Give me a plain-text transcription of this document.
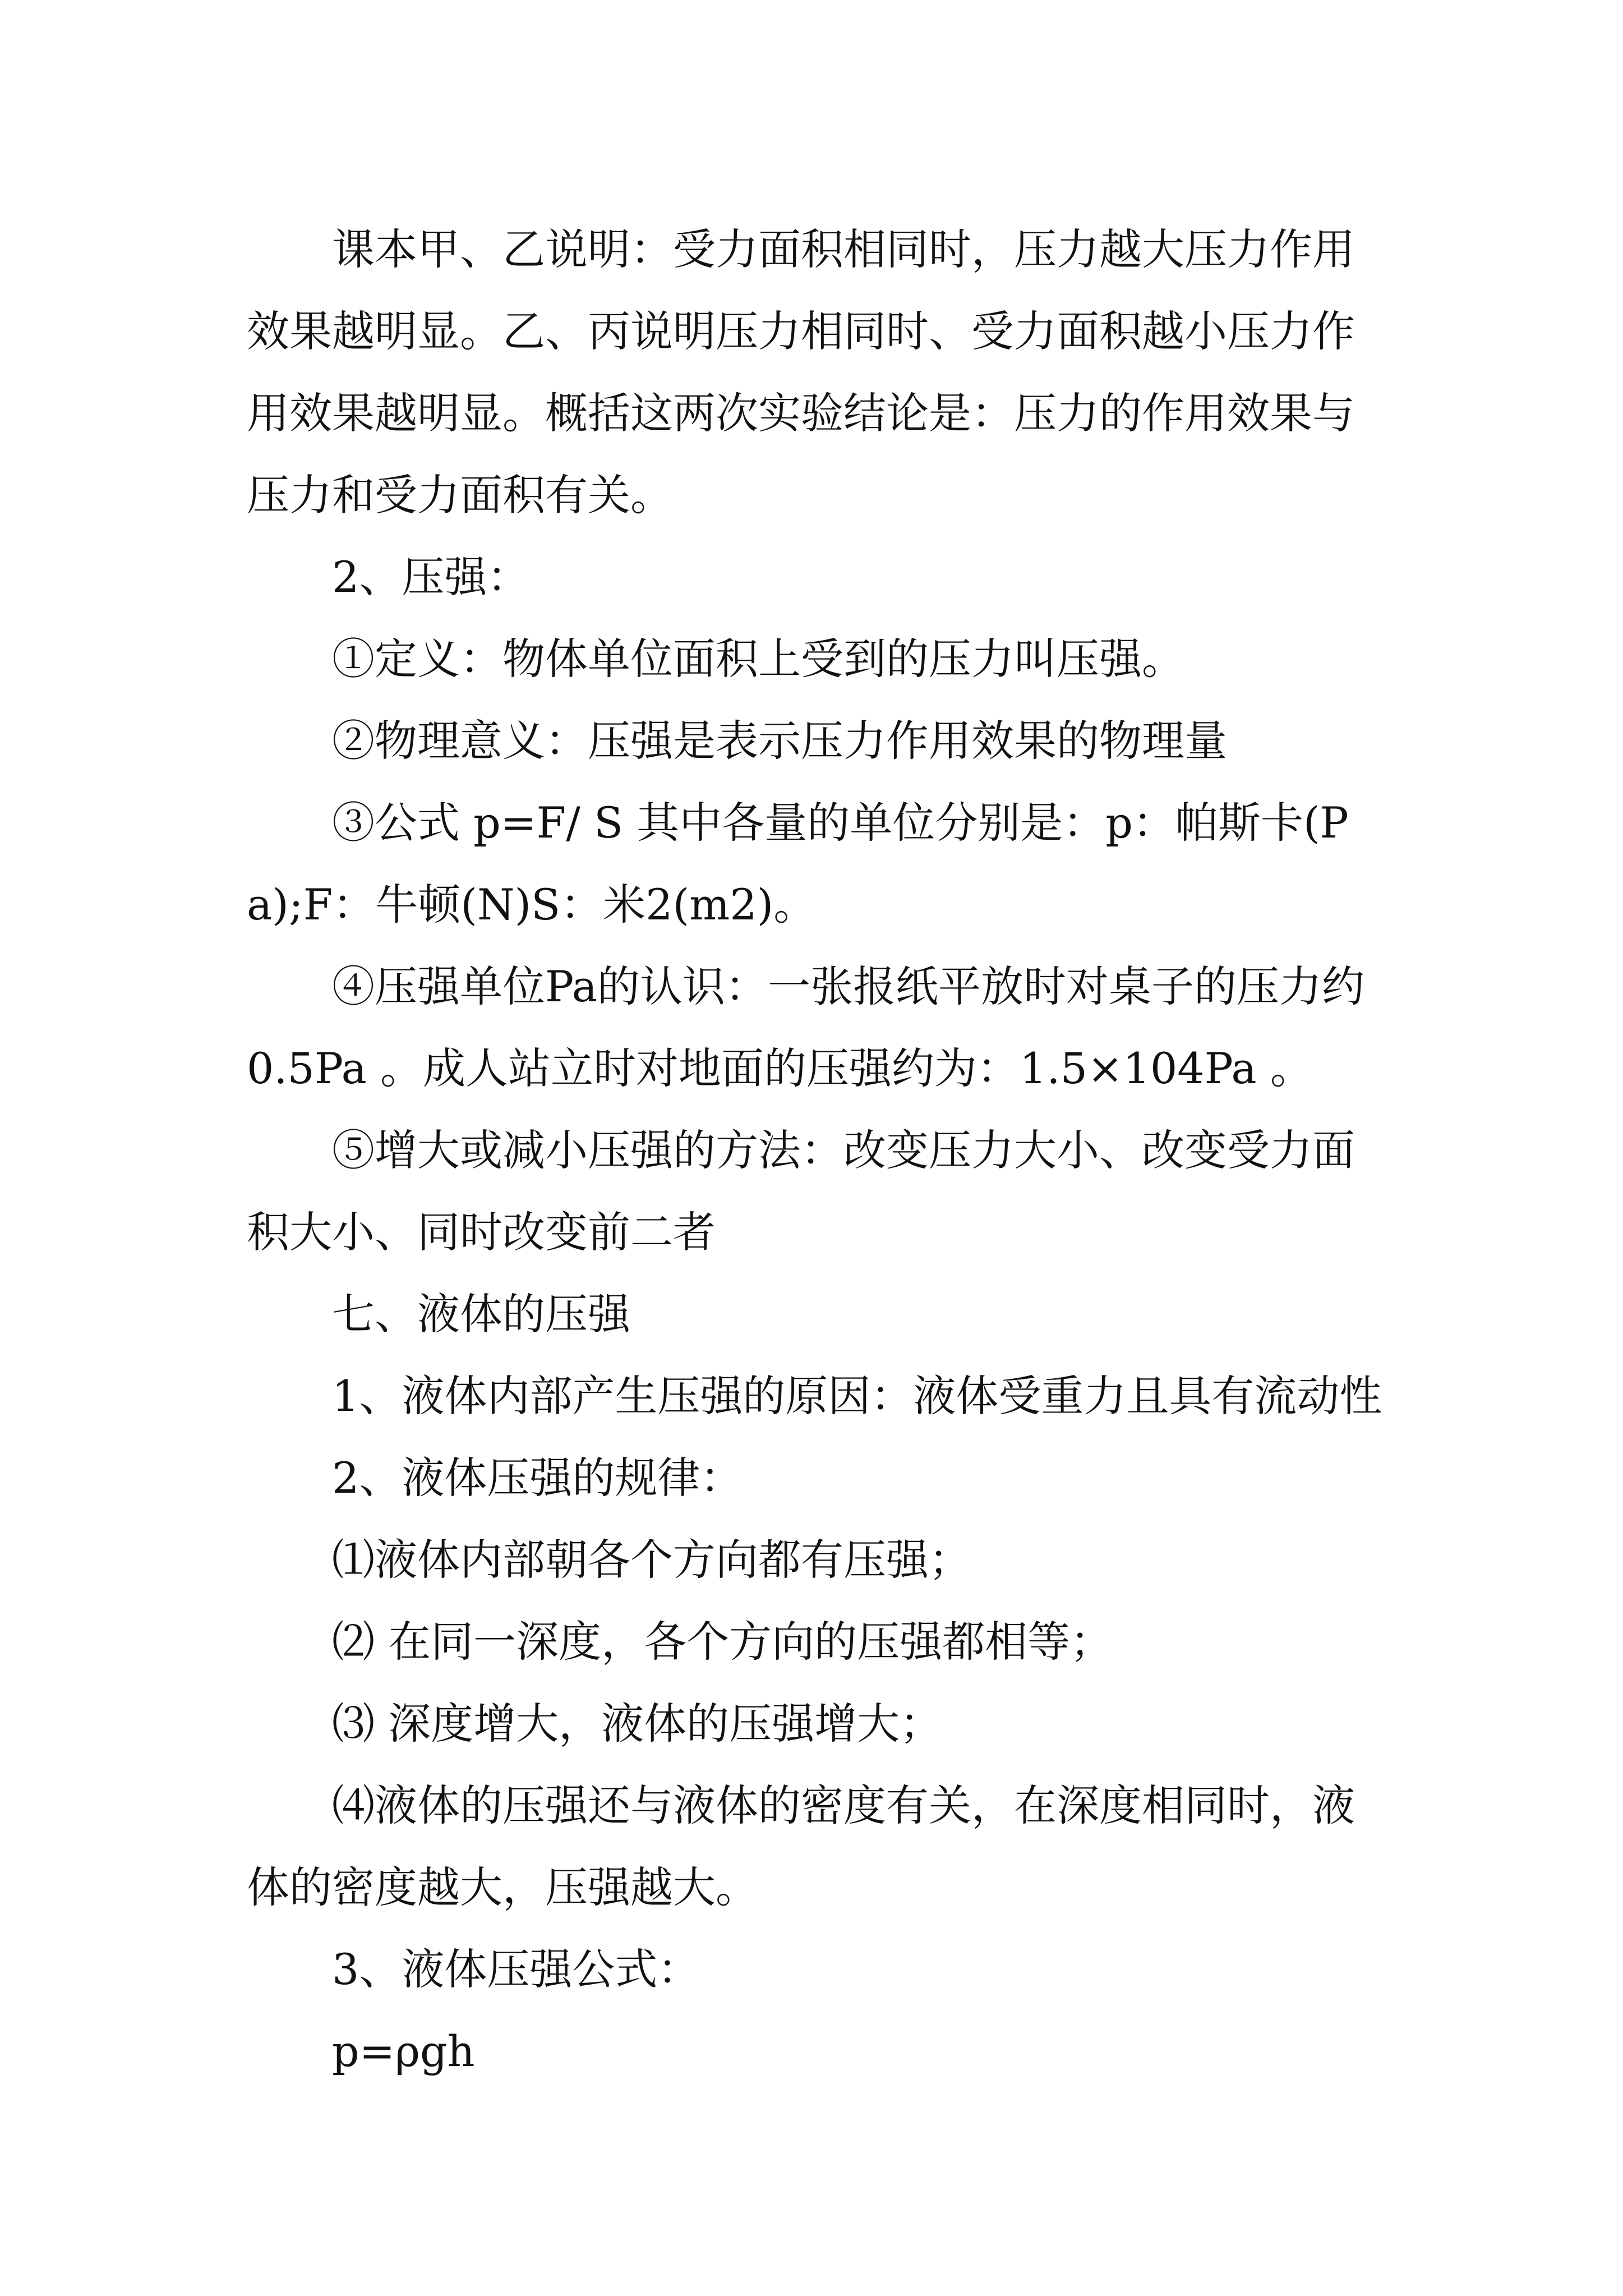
课本甲、乙说明：受力面积相同时，压力越大压力作用效果越明显。乙、丙说明压力相同时、受力面积越小压力作用效果越明显。概括这两次实验结论是：压力的作用效果与压力和受力面积有关。

2、压强：

①定义：物体单位面积上受到的压力叫压强。

②物理意义：压强是表示压力作用效果的物理量

③公式 p=F/ S 其中各量的单位分别是：p：帕斯卡(Pa);F：牛顿(N)S：米2(m2)。

④压强单位Pa的认识：一张报纸平放时对桌子的压力约0.5Pa 。成人站立时对地面的压强约为：1.5×104Pa 。

⑤增大或减小压强的方法：改变压力大小、改变受力面积大小、同时改变前二者

七、液体的压强

1、液体内部产生压强的原因：液体受重力且具有流动性

2、液体压强的规律：

⑴液体内部朝各个方向都有压强；

⑵ 在同一深度，各个方向的压强都相等；

⑶ 深度增大，液体的压强增大；

⑷液体的压强还与液体的密度有关，在深度相同时，液体的密度越大，压强越大。

3、液体压强公式：

p=ρgh
